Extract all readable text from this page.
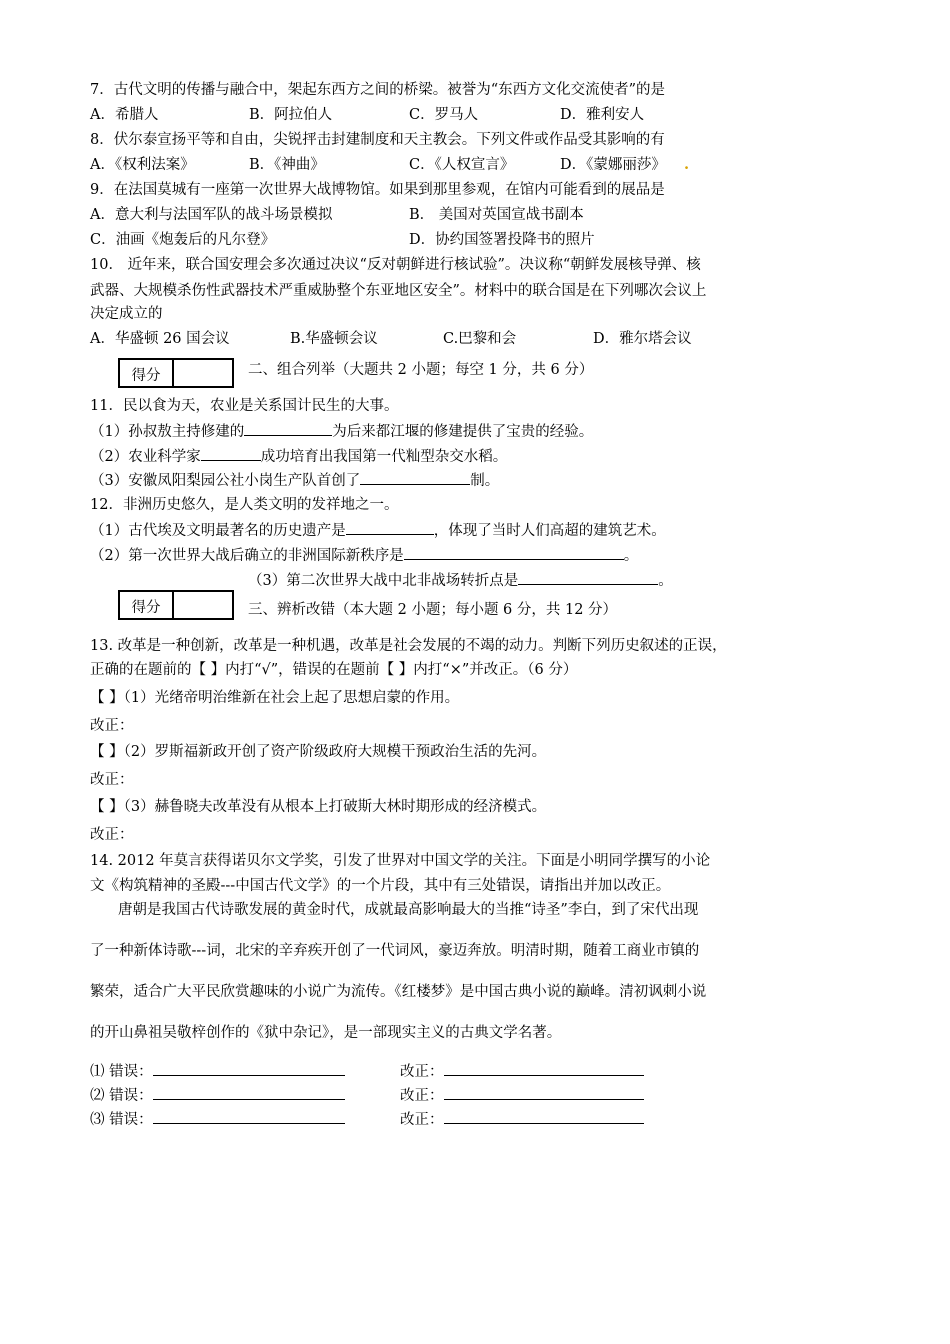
7．古代文明的传播与融合中，架起东西方之间的桥梁。被誉为“东西方文化交流使者”的是
A．希腊人	B．阿拉伯人	C．罗马人	D．雅利安人
8．伏尔泰宣扬平等和自由，尖锐抨击封建制度和天主教会。下列文件或作品受其影响的有
A．《权利法案》	B．《神曲》	C．《人权宣言》	D．《蒙娜丽莎》 .
9．在法国莫城有一座第一次世界大战博物馆。如果到那里参观，在馆内可能看到的展品是
A．意大利与法国军队的战斗场景模拟	B． 美国对英国宣战书副本
C．油画《炮轰后的凡尔登》	D．协约国签署投降书的照片
10． 近年来，联合国安理会多次通过决议“反对朝鲜进行核试验”。决议称“朝鲜发展核导弹、核
武器、大规模杀伤性武器技术严重威胁整个东亚地区安全”。材料中的联合国是在下列哪次会议上
决定成立的
A．华盛顿 26 国会议	B.华盛顿会议	C.巴黎和会	D．雅尔塔会议
得分	二、组合列举（大题共 2 小题；每空 1 分，共 6 分）
11．民以食为天，农业是关系国计民生的大事。
（1）孙叔敖主持修建的	为后来都江堰的修建提供了宝贵的经验。
（2）农业科学家	成功培育出我国第一代籼型杂交水稻。
（3）安徽凤阳梨园公社小岗生产队首创了	制。
12．非洲历史悠久，是人类文明的发祥地之一。
（1）古代埃及文明最著名的历史遗产是	，体现了当时人们高超的建筑艺术。
（2）第一次世界大战后确立的非洲国际新秩序是	。
（3）第二次世界大战中北非战场转折点是	。
得分	三、辨析改错（本大题 2 小题；每小题 6 分，共 12 分）
13. 改革是一种创新，改革是一种机遇，改革是社会发展的不竭的动力。判断下列历史叙述的正误，
正确的在题前的【 】内打“√”，错误的在题前【 】内打“×”并改正。（6 分）
【 】（1）光绪帝明治维新在社会上起了思想启蒙的作用。
改正：
【 】（2）罗斯福新政开创了资产阶级政府大规模干预政治生活的先河。
改正：
【 】（3）赫鲁晓夫改革没有从根本上打破斯大林时期形成的经济模式。
改正：
14. 2012 年莫言获得诺贝尔文学奖，引发了世界对中国文学的关注。下面是小明同学撰写的小论
文《构筑精神的圣殿---中国古代文学》的一个片段，其中有三处错误，请指出并加以改正。
唐朝是我国古代诗歌发展的黄金时代，成就最高影响最大的当推“诗圣”李白，到了宋代出现
了一种新体诗歌---词，北宋的辛弃疾开创了一代词风，豪迈奔放。明清时期，随着工商业市镇的
繁荣，适合广大平民欣赏趣味的小说广为流传。《红楼梦》是中国古典小说的巅峰。清初讽刺小说
的开山鼻祖吴敬梓创作的《狱中杂记》，是一部现实主义的古典文学名著。
⑴ 错误：	改正：
⑵ 错误：	改正：
⑶ 错误：	改正：
